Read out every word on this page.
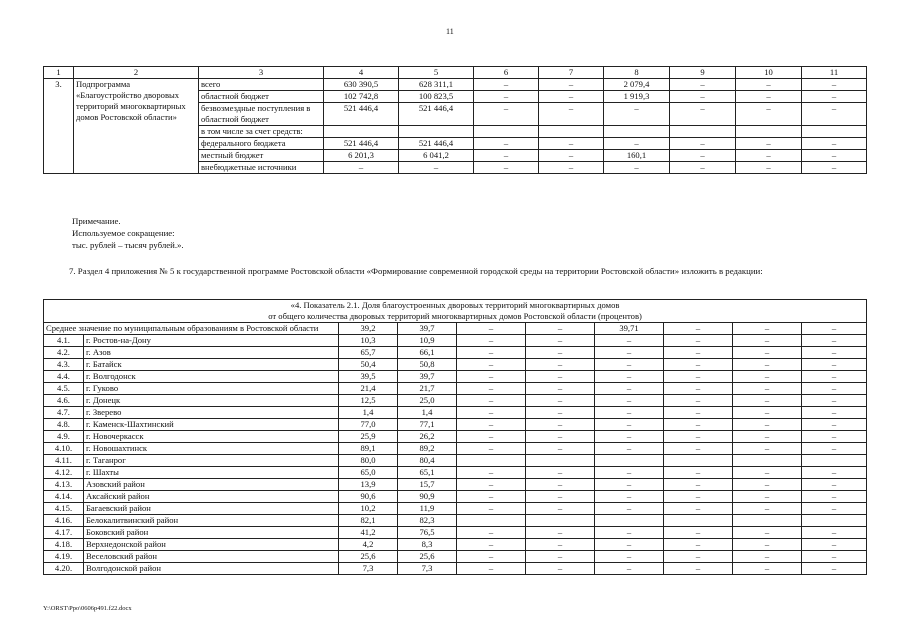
11
1	2	3	4	5	6	7	8	9	10	11
3.	Подпрограмма «Благоустройство дворовых территорий многоквартирных домов Ростовской области»	всего	630 390,5	628 311,1	–	–	2 079,4	–	–	–
		областной бюджет	102 742,8	100 823,5	–	–	1 919,3	–	–	–
		безвозмездные поступления в областной бюджет	521 446,4	521 446,4	–	–	–	–	–	–
		в том числе за счет средств:								
		федерального бюджета	521 446,4	521 446,4	–	–	–	–	–	–
		местный бюджет	6 201,3	6 041,2	–	–	160,1	–	–	–
		внебюджетные источники	–	–	–	–	–	–	–	–
Примечание.
Используемое сокращение:
тыс. рублей – тысяч рублей.».
7. Раздел 4 приложения № 5 к государственной программе Ростовской области «Формирование современной городской среды на территории Ростовской области» изложить в редакции:
«4. Показатель 2.1. Доля благоустроенных дворовых территорий многоквартирных домов
от общего количества дворовых территорий многоквартирных домов Ростовской области (процентов)									

Среднее значение по муниципальным образованиям в Ростовской области		39,2	39,7	–	–	39,71	–	–	–
4.1.	г. Ростов-на-Дону	10,3	10,9	–	–	–	–	–	–
4.2.	г. Азов	65,7	66,1	–	–	–	–	–	–
4.3.	г. Батайск	50,4	50,8	–	–	–	–	–	–
4.4.	г. Волгодонск	39,5	39,7	–	–	–	–	–	–
4.5.	г. Гуково	21,4	21,7	–	–	–	–	–	–
4.6.	г. Донецк	12,5	25,0	–	–	–	–	–	–
4.7.	г. Зверево	1,4	1,4	–	–	–	–	–	–
4.8.	г. Каменск-Шахтинский	77,0	77,1	–	–	–	–	–	–
4.9.	г. Новочеркасск	25,9	26,2	–	–	–	–	–	–
4.10.	г. Новошахтинск	89,1	89,2	–	–	–	–	–	–
4.11.	г. Таганрог	80,0	80,4						
4.12.	г. Шахты	65,0	65,1	–	–	–	–	–	–
4.13.	Азовский район	13,9	15,7	–	–	–	–	–	–
4.14.	Аксайский район	90,6	90,9	–	–	–	–	–	–
4.15.	Багаевский район	10,2	11,9	–	–	–	–	–	–
4.16.	Белокалитвинский район	82,1	82,3						
4.17.	Боковский район	41,2	76,5	–	–	–	–	–	–
4.18.	Верхнедонской район	4,2	8,3	–	–	–	–	–	–
4.19.	Веселовский район	25,6	25,6	–	–	–	–	–	–
4.20.	Волгодонской район	7,3	7,3	–	–	–	–	–	–
Y:\ORST\Ppo\0606p491.f22.docx
